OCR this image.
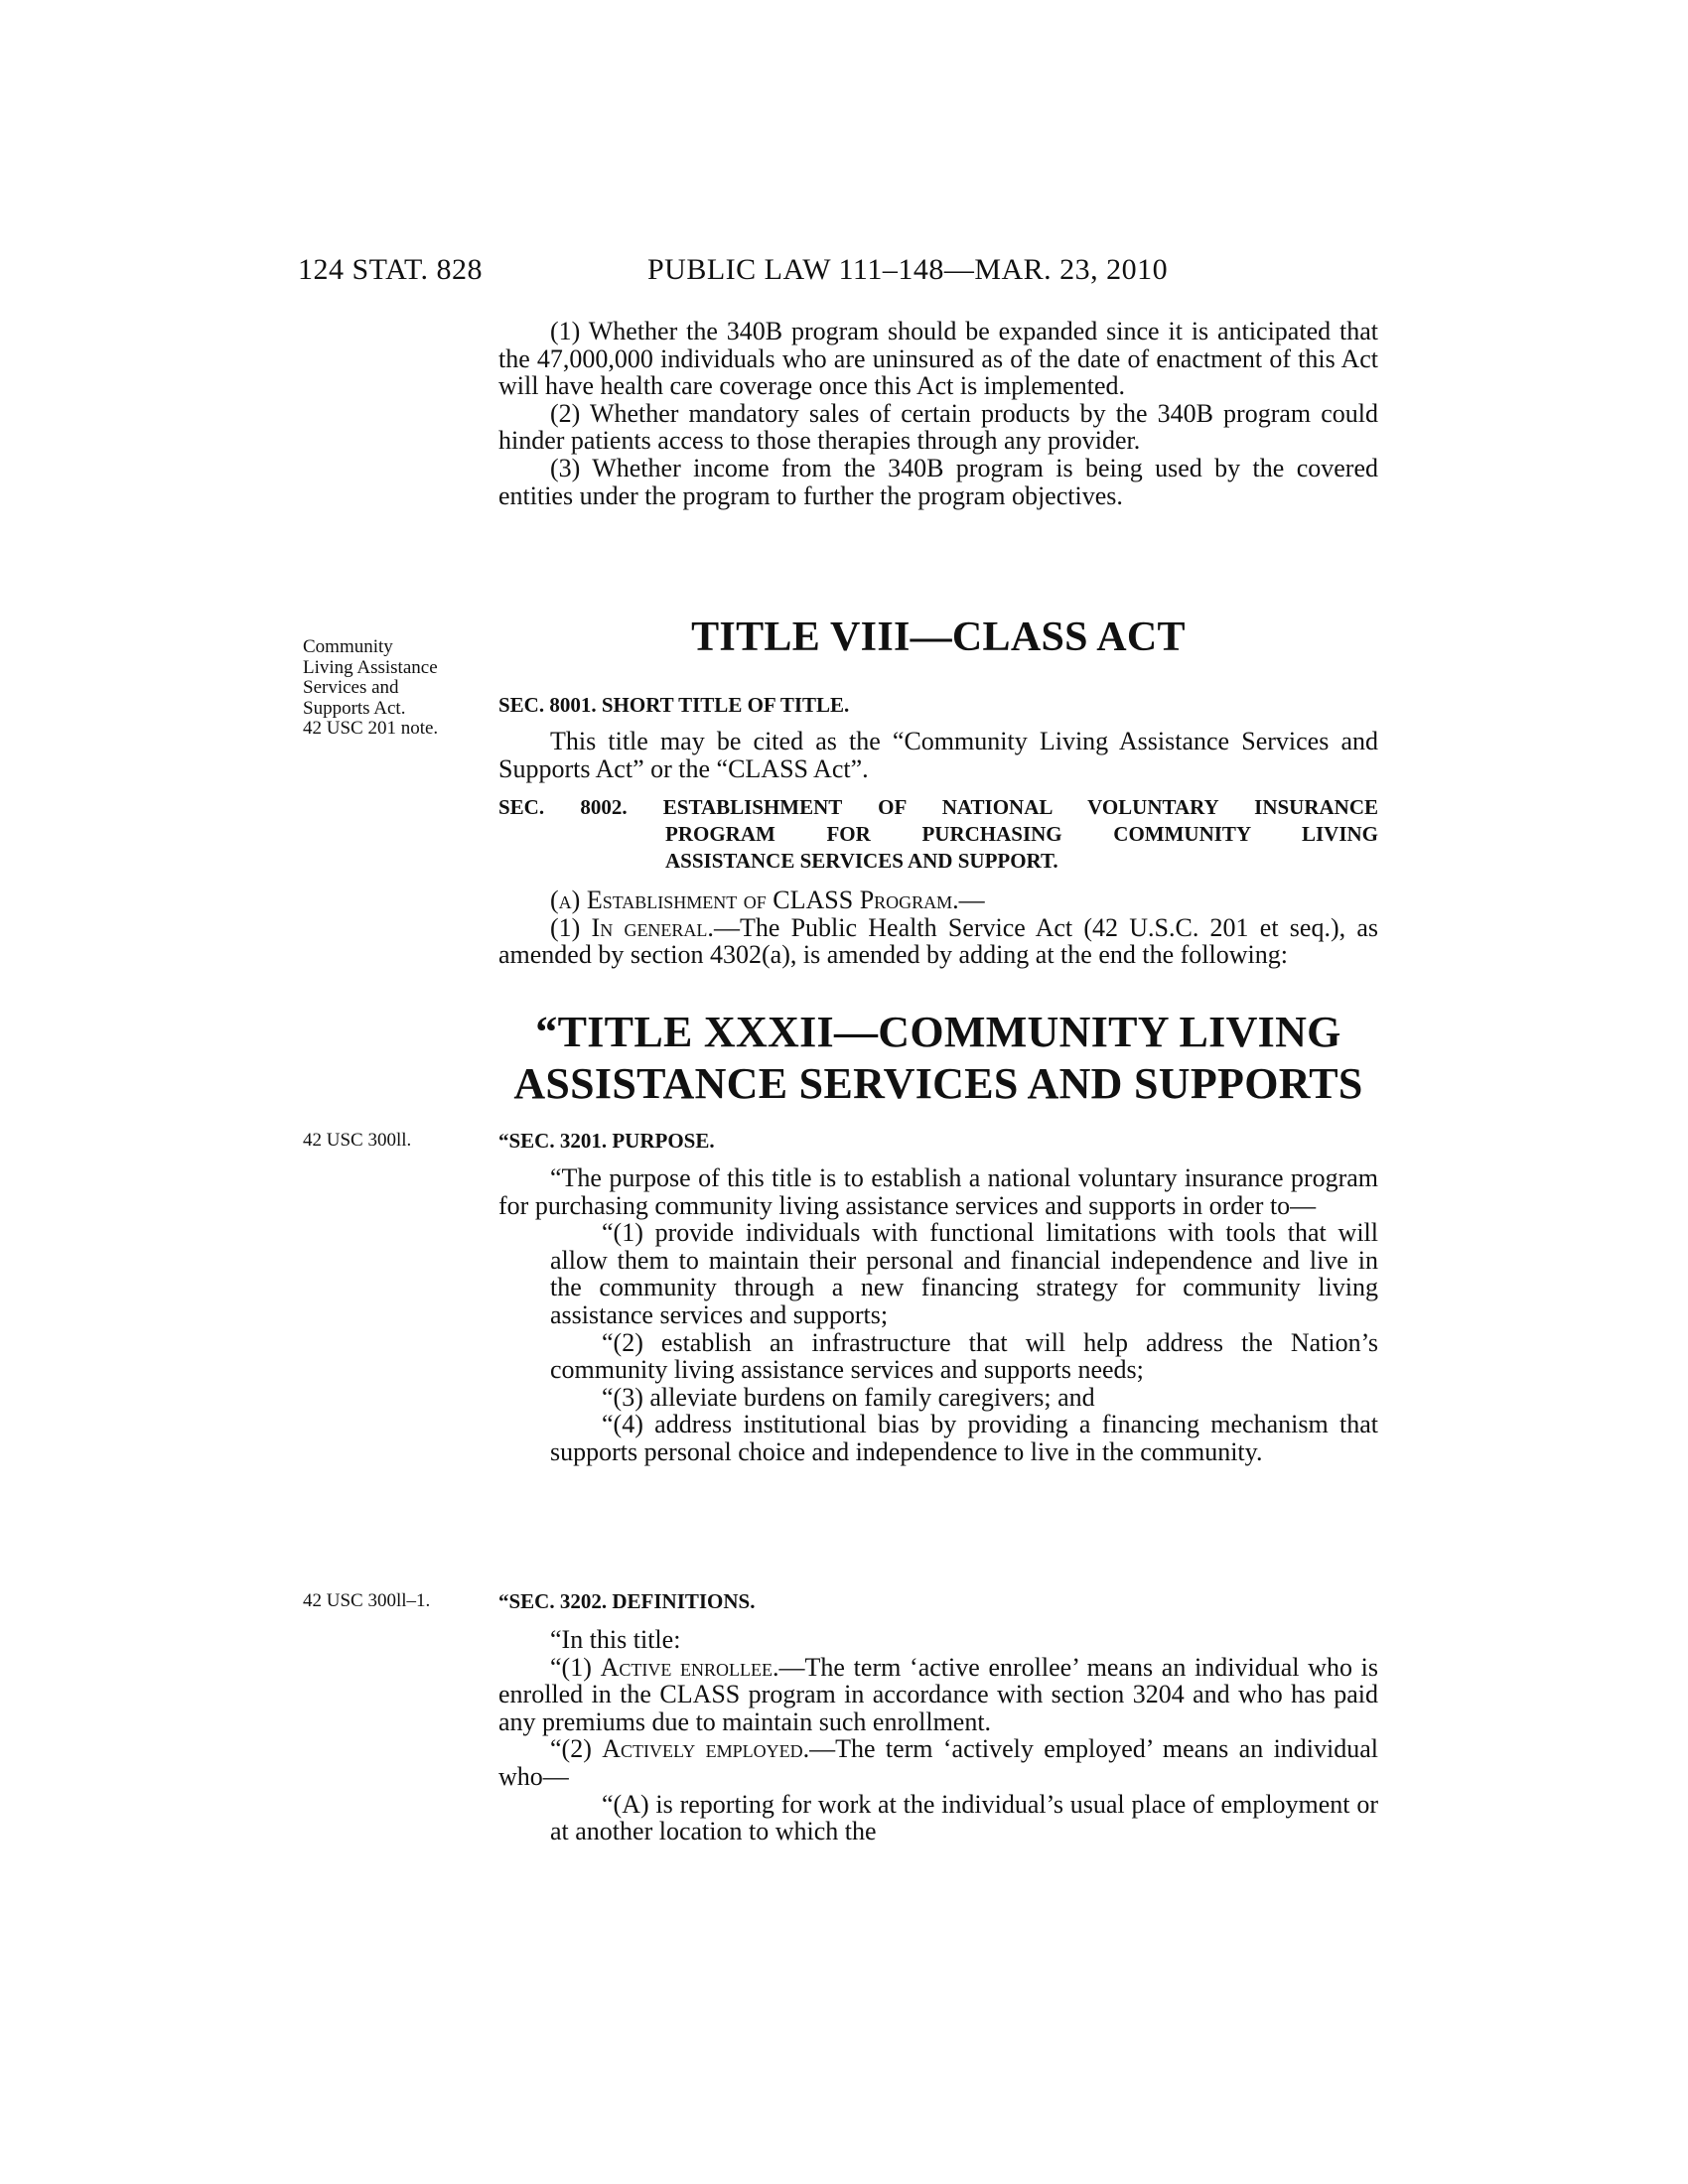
124 STAT. 828	PUBLIC LAW 111–148—MAR. 23, 2010

(1) Whether the 340B program should be expanded since it is anticipated that the 47,000,000 individuals who are uninsured as of the date of enactment of this Act will have health care coverage once this Act is implemented.

(2) Whether mandatory sales of certain products by the 340B program could hinder patients access to those therapies through any provider.

(3) Whether income from the 340B program is being used by the covered entities under the program to further the program objectives.

Community
Living Assistance
Services and
Supports Act.
42 USC 201 note.
TITLE VIII—CLASS ACT
SEC. 8001. SHORT TITLE OF TITLE.

This title may be cited as the “Community Living Assistance Services and Supports Act” or the “CLASS Act”.

SEC. 8002. ESTABLISHMENT OF NATIONAL VOLUNTARY INSURANCE
PROGRAM FOR PURCHASING COMMUNITY LIVING
ASSISTANCE SERVICES AND SUPPORT.

(a) Establishment of CLASS Program.—

(1) In general.—The Public Health Service Act (42 U.S.C. 201 et seq.), as amended by section 4302(a), is amended by adding at the end the following:

“TITLE XXXII—COMMUNITY LIVING
ASSISTANCE SERVICES AND SUPPORTS
42 USC 300ll.	“SEC. 3201. PURPOSE.

“The purpose of this title is to establish a national voluntary insurance program for purchasing community living assistance services and supports in order to—

“(1) provide individuals with functional limitations with tools that will allow them to maintain their personal and financial independence and live in the community through a new financing strategy for community living assistance services and supports;

“(2) establish an infrastructure that will help address the Nation’s community living assistance services and supports needs;

“(3) alleviate burdens on family caregivers; and

“(4) address institutional bias by providing a financing mechanism that supports personal choice and independence to live in the community.

42 USC 300ll–1.	“SEC. 3202. DEFINITIONS.

“In this title:

“(1) Active enrollee.—The term ‘active enrollee’ means an individual who is enrolled in the CLASS program in accordance with section 3204 and who has paid any premiums due to maintain such enrollment.

“(2) Actively employed.—The term ‘actively employed’ means an individual who—

“(A) is reporting for work at the individual’s usual place of employment or at another location to which the
